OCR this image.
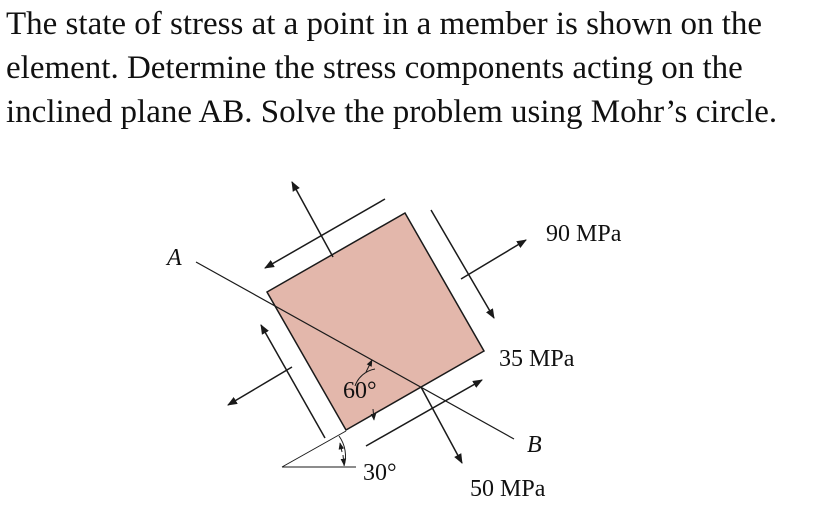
The state of stress at a point in a member is shown on the
element. Determine the stress components acting on the
inclined plane AB. Solve the problem using Mohr’s circle.
A
B
90 MPa
35 MPa
50 MPa
60°
30°
